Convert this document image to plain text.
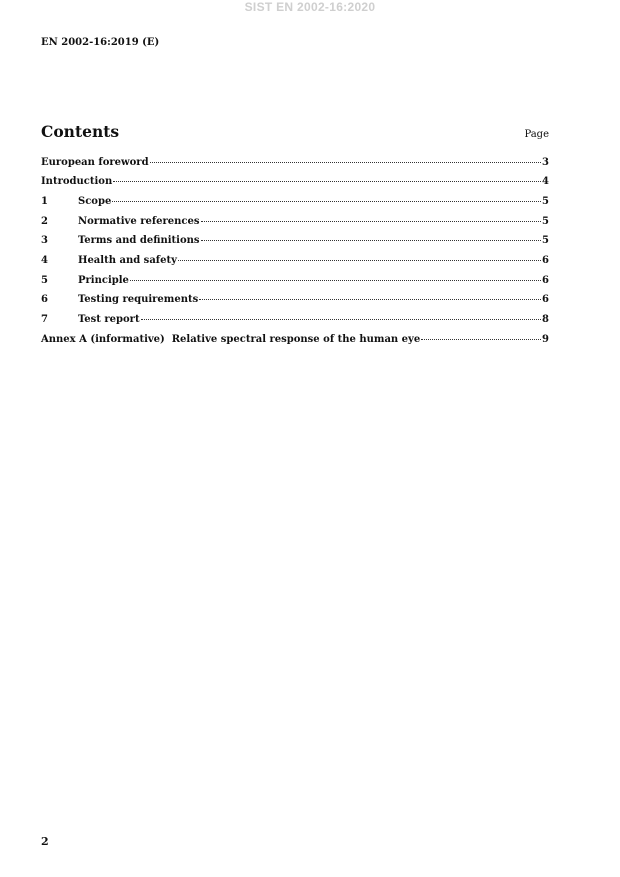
SIST EN 2002-16:2020
EN 2002-16:2019 (E)
Contents	Page
European foreword	3
Introduction	4
1	Scope	5
2	Normative references	5
3	Terms and definitions	5
4	Health and safety	6
5	Principle	6
6	Testing requirements	6
7	Test report	8
Annex A (informative)  Relative spectral response of the human eye	9
2
